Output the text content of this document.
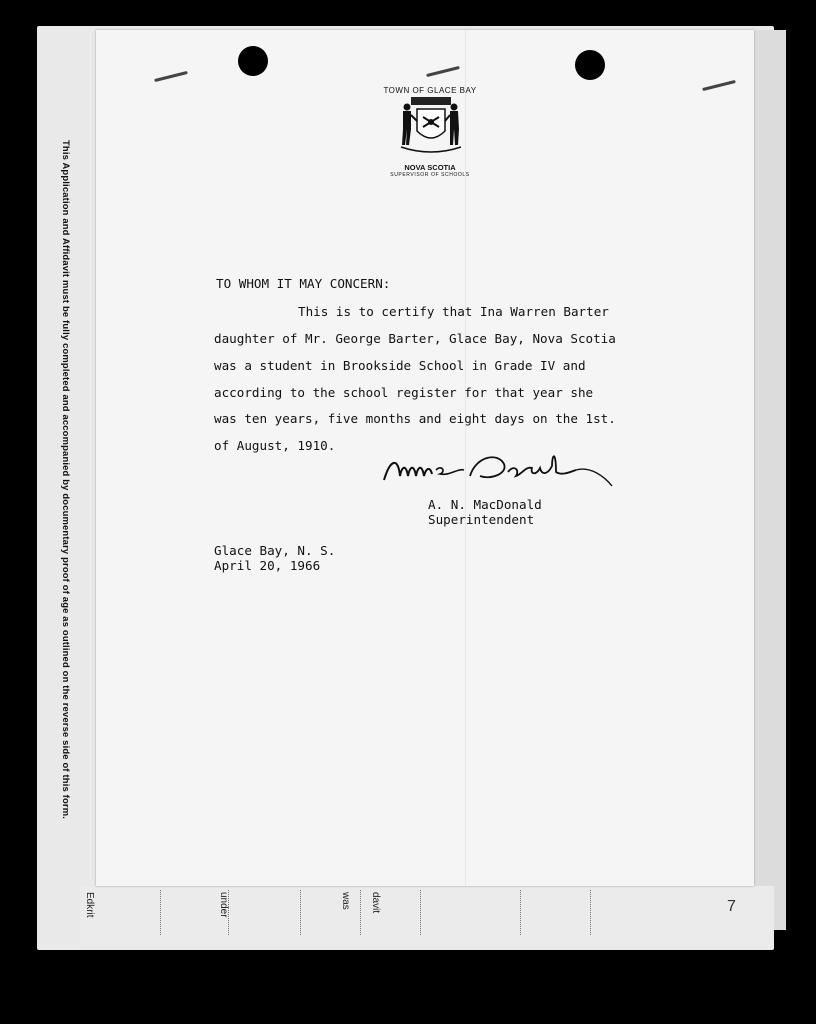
Edkrit	under	was davit
This Application and Affidavit must be fully completed and accompanied by documentary proof of age as outlined on the reverse side of this form.
TOWN OF GLACE BAY
NOVA SCOTIA
SUPERVISOR OF SCHOOLS
TO WHOM IT MAY CONCERN:
This is to certify that Ina Warren Barter
daughter of Mr. George Barter, Glace Bay, Nova Scotia
was a student in Brookside School in Grade IV and
according to the school register for that year she
was ten years, five months and eight days on the 1st.
of August, 1910.
A. N. MacDonald
Superintendent
Glace Bay, N. S.
April 20, 1966
7
